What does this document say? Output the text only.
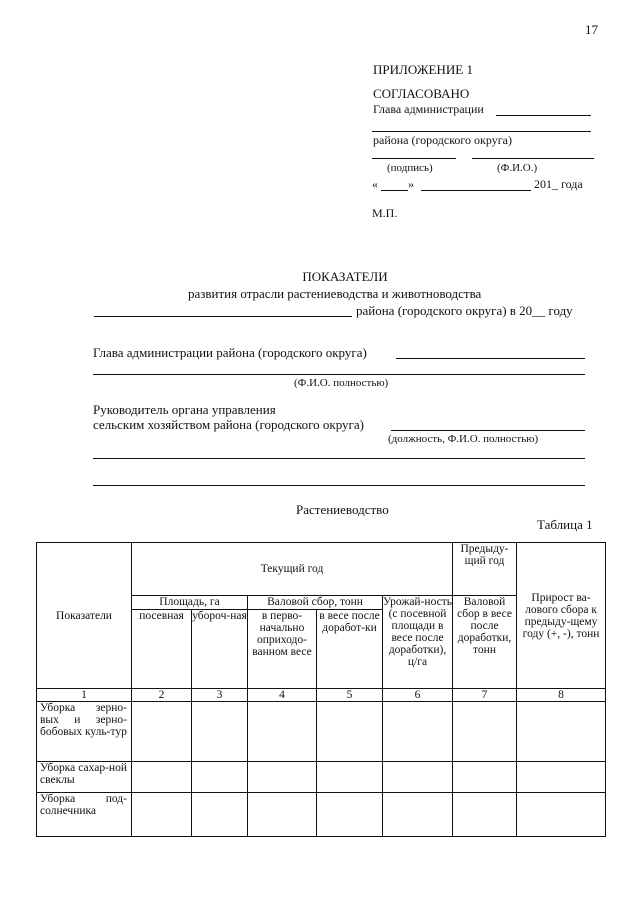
17
ПРИЛОЖЕНИЕ 1
СОГЛАСОВАНО
Глава администрации
района (городского округа)
(подпись)	(Ф.И.О.)
«	»	201_ года
М.П.
ПОКАЗАТЕЛИ
развития отрасли растениеводства и животноводства
района (городского округа) в 20__ году
Глава администрации района (городского округа)
(Ф.И.О. полностью)
Руководитель органа управления
сельским хозяйством района (городского округа)
(должность, Ф.И.О. полностью)
Растениеводство
Таблица 1
Показатели	Текущий год					Предыду-щий год	Прирост ва-лового сбора к предыду-щему году (+, -), тонн
	Площадь, га		Валовой сбор, тонн		Урожай-ность (с посевной площади в весе после доработки), ц/га	Валовой сбор в весе после доработки, тонн	
	посевная	убороч-ная	в перво-начально оприходо-ванном весе	в весе после доработ-ки			
1	2	3	4	5	6	7	8

Уборка зерно-вых и зерно-бобовых куль-тур							

Уборка сахар-ной свеклы							

Уборка под-солнечника							
